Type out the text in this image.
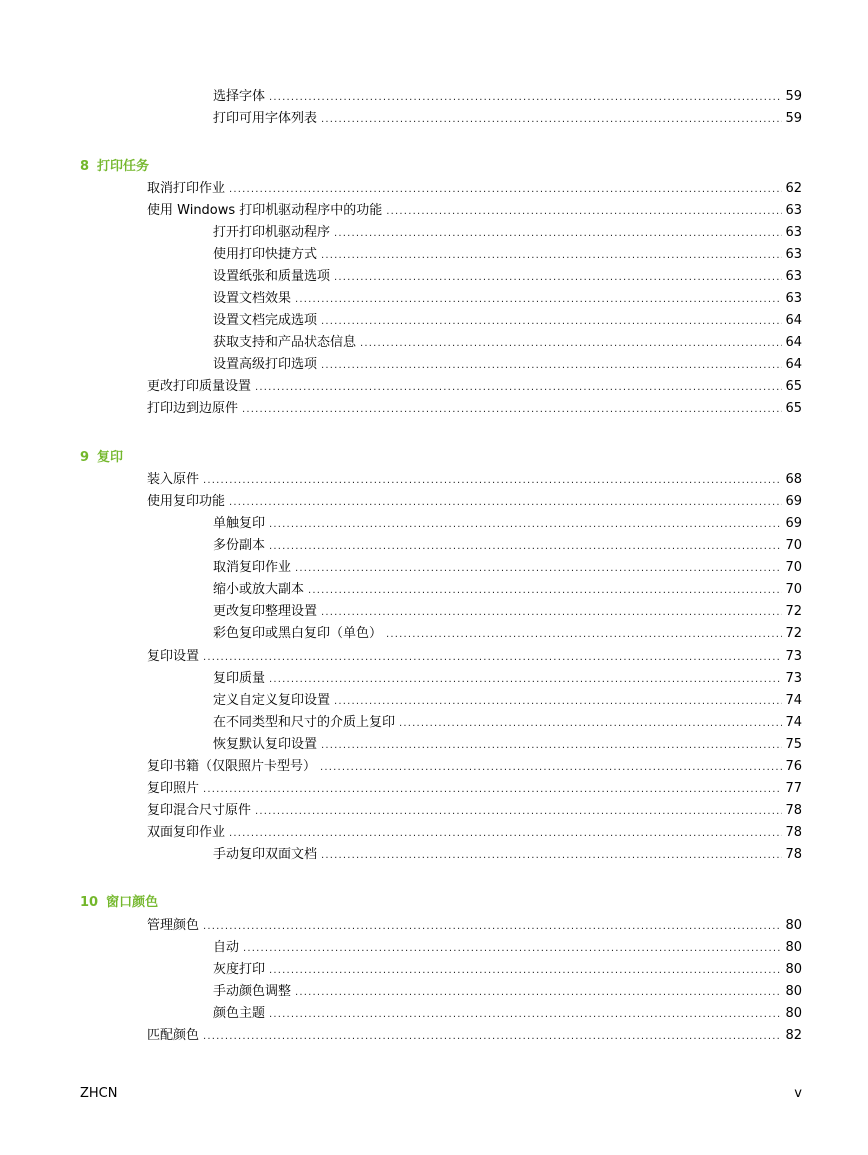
选择字体 .....	59
打印可用字体列表 .....	59
8 打印任务
取消打印作业 .....	62
使用 Windows 打印机驱动程序中的功能 .....	63
打开打印机驱动程序 .....	63
使用打印快捷方式 .....	63
设置纸张和质量选项 .....	63
设置文档效果 .....	63
设置文档完成选项 .....	64
获取支持和产品状态信息 .....	64
设置高级打印选项 .....	64
更改打印质量设置 .....	65
打印边到边原件 .....	65
9 复印
装入原件 .....	68
使用复印功能 .....	69
单触复印 .....	69
多份副本 .....	70
取消复印作业 .....	70
缩小或放大副本 .....	70
更改复印整理设置 .....	72
彩色复印或黑白复印（单色） .....	72
复印设置 .....	73
复印质量 .....	73
定义自定义复印设置 .....	74
在不同类型和尺寸的介质上复印 .....	74
恢复默认复印设置 .....	75
复印书籍（仅限照片卡型号） .....	76
复印照片 .....	77
复印混合尺寸原件 .....	78
双面复印作业 .....	78
手动复印双面文档 .....	78
10 窗口颜色
管理颜色 .....	80
自动 .....	80
灰度打印 .....	80
手动颜色调整 .....	80
颜色主题 .....	80
匹配颜色 .....	82
ZHCN	v
